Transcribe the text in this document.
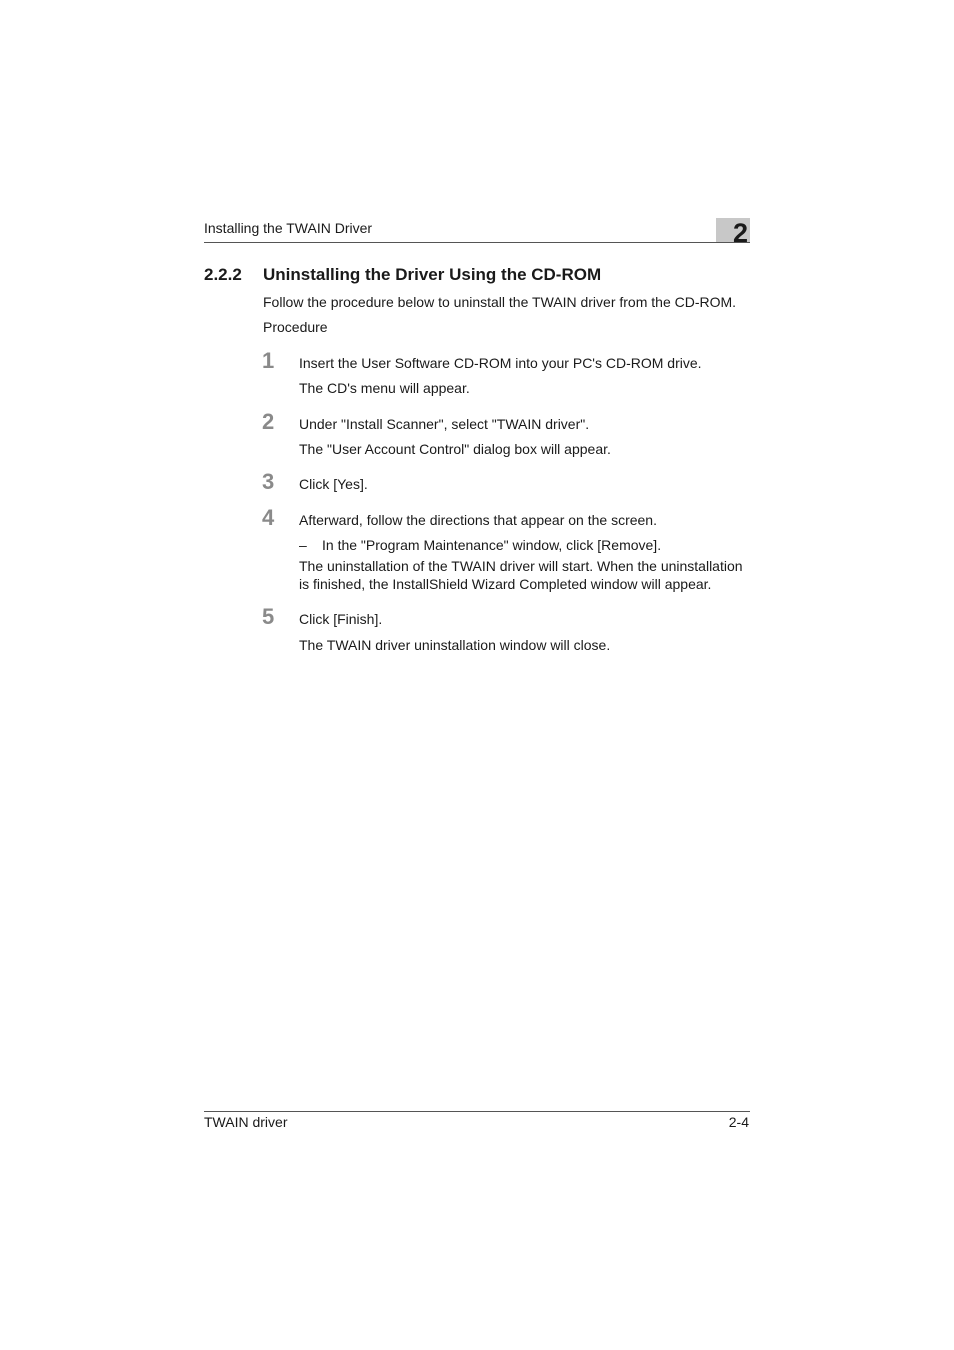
Installing the TWAIN Driver	2
2.2.2 Uninstalling the Driver Using the CD-ROM
Follow the procedure below to uninstall the TWAIN driver from the CD-ROM.
Procedure
1 Insert the User Software CD-ROM into your PC's CD-ROM drive.
The CD's menu will appear.
2 Under "Install Scanner", select "TWAIN driver".
The "User Account Control" dialog box will appear.
3 Click [Yes].
4 Afterward, follow the directions that appear on the screen.
– In the "Program Maintenance" window, click [Remove].
The uninstallation of the TWAIN driver will start. When the uninstallation
is finished, the InstallShield Wizard Completed window will appear.
5 Click [Finish].
The TWAIN driver uninstallation window will close.
TWAIN driver	2-4
